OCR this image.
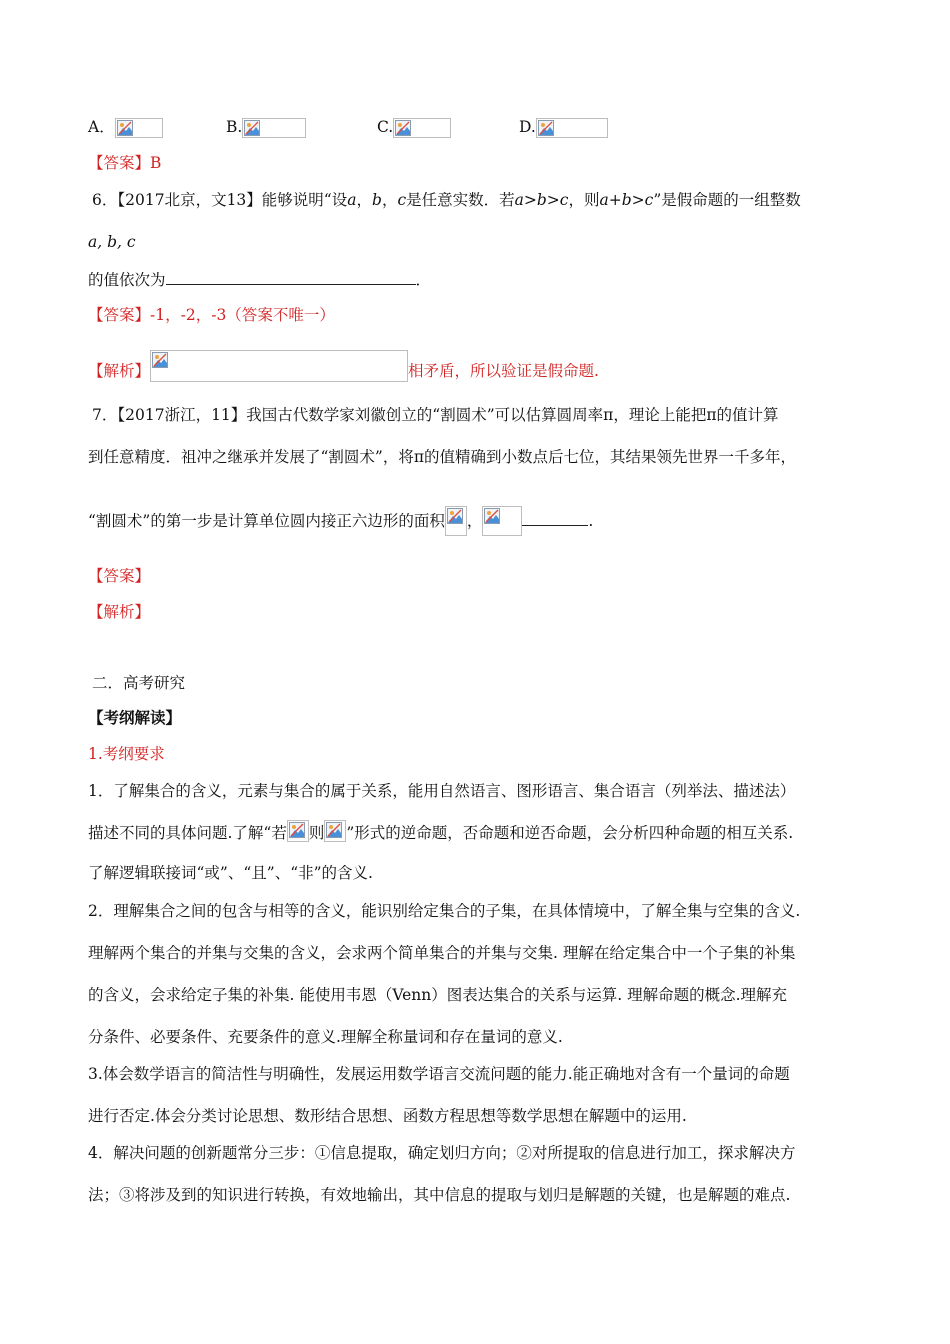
A．	B.	C.	D.
【答案】B
6．【2017北京，文13】能够说明“设a，b，c是任意实数．若a>b>c，则a+b>c”是假命题的一组整数
a, b, c
的值依次为	．
【答案】-1，-2，-3（答案不唯一）
【解析】	相矛盾，所以验证是假命题.
7．【2017浙江，11】我国古代数学家刘徽创立的“割圆术”可以估算圆周率π，理论上能把π的值计算
到任意精度．祖冲之继承并发展了“割圆术”，将π的值精确到小数点后七位，其结果领先世界一千多年，
“割圆术”的第一步是计算单位圆内接正六边形的面积 ，	.
【答案】
【解析】
二．高考研究
【考纲解读】
1.考纲要求
1．了解集合的含义，元素与集合的属于关系，能用自然语言、图形语言、集合语言（列举法、描述法）
描述不同的具体问题.了解“若 则 ”形式的逆命题，否命题和逆否命题，会分析四种命题的相互关系.
了解逻辑联接词“或”、“且”、“非”的含义.
2．理解集合之间的包含与相等的含义，能识别给定集合的子集，在具体情境中，了解全集与空集的含义.
理解两个集合的并集与交集的含义，会求两个简单集合的并集与交集. 理解在给定集合中一个子集的补集
的含义，会求给定子集的补集. 能使用韦恩（Venn）图表达集合的关系与运算. 理解命题的概念.理解充
分条件、必要条件、充要条件的意义.理解全称量词和存在量词的意义.
3.体会数学语言的简洁性与明确性，发展运用数学语言交流问题的能力.能正确地对含有一个量词的命题
进行否定.体会分类讨论思想、数形结合思想、函数方程思想等数学思想在解题中的运用.
4．解决问题的创新题常分三步：①信息提取，确定划归方向；②对所提取的信息进行加工，探求解决方
法；③将涉及到的知识进行转换，有效地输出，其中信息的提取与划归是解题的关键，也是解题的难点.
